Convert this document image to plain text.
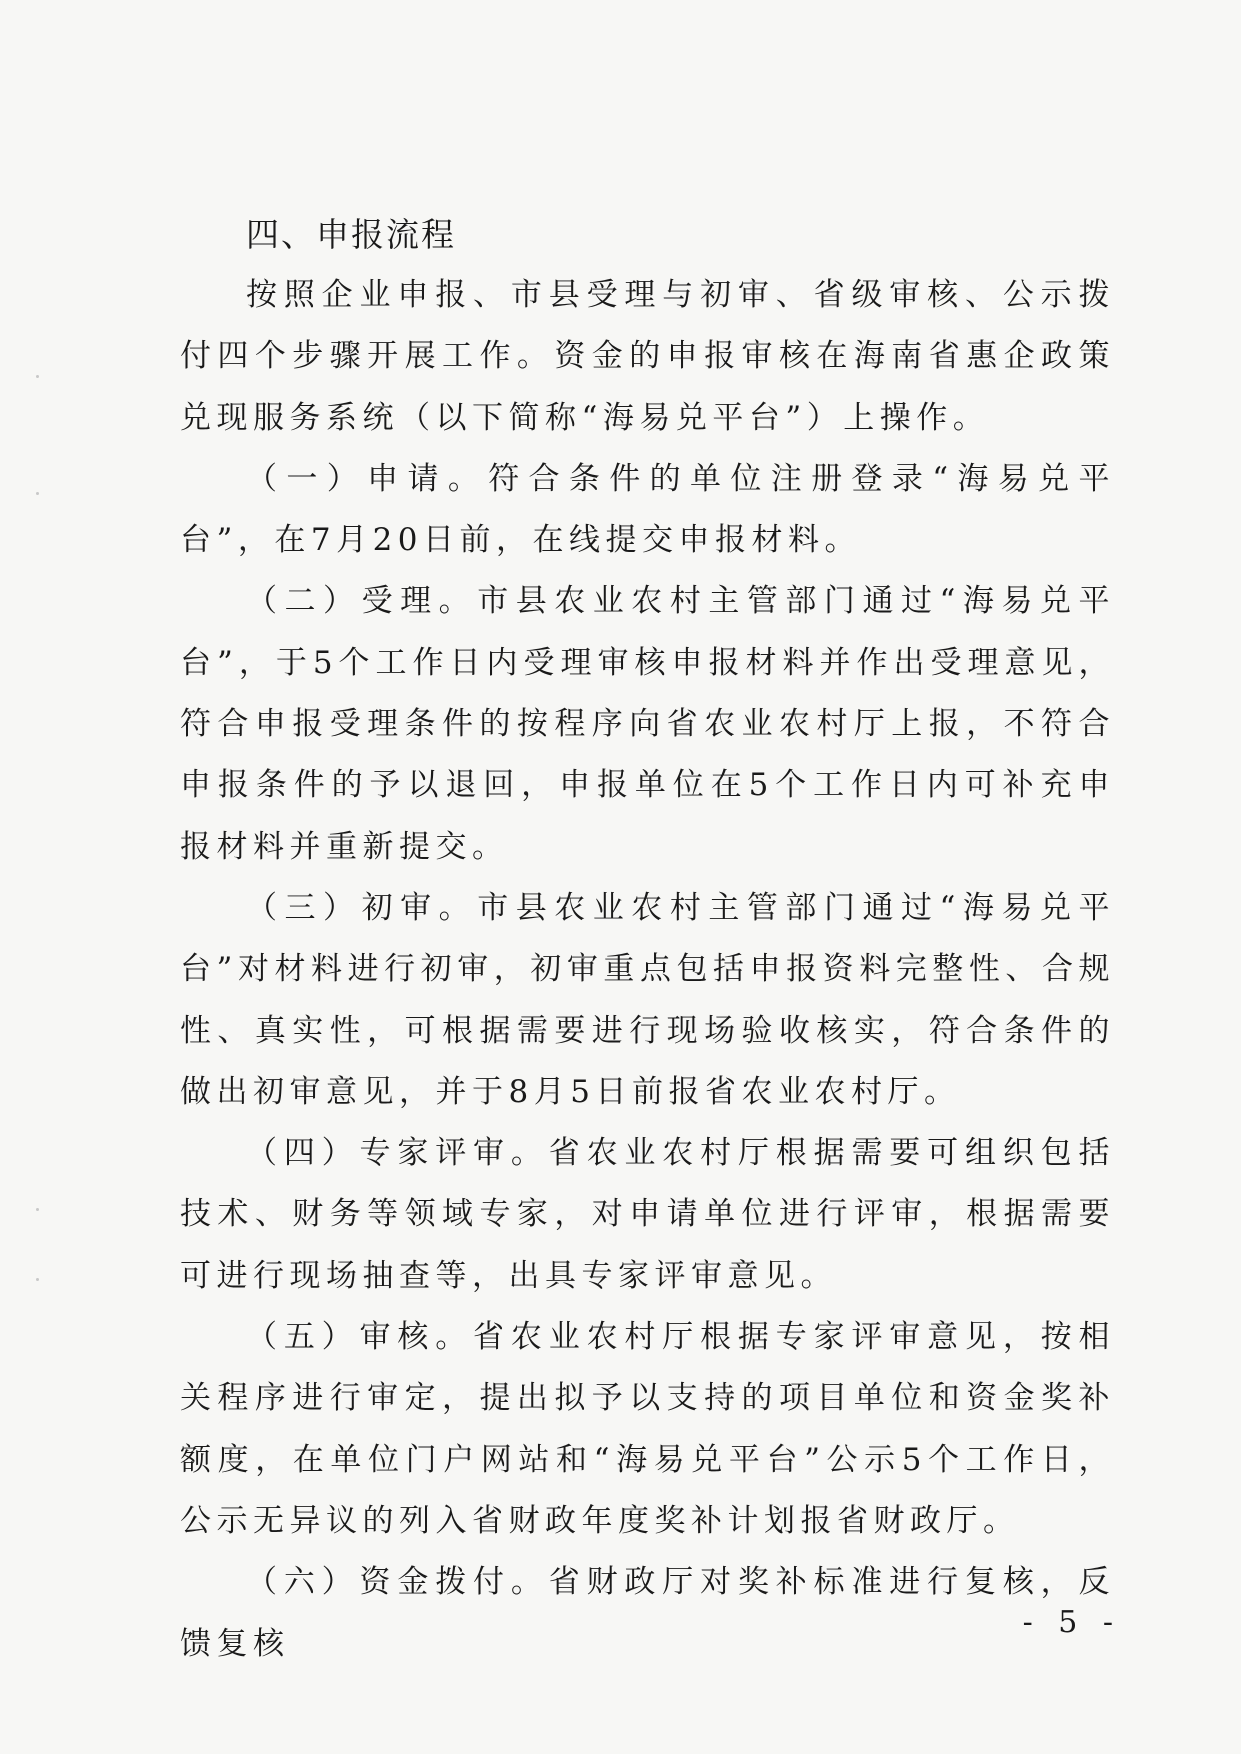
四、申报流程

按照企业申报、市县受理与初审、省级审核、公示拨付四个步骤开展工作。资金的申报审核在海南省惠企政策兑现服务系统（以下简称“海易兑平台”）上操作。

（一）申请。符合条件的单位注册登录“海易兑平台”，在7月20日前，在线提交申报材料。

（二）受理。市县农业农村主管部门通过“海易兑平台”，于5个工作日内受理审核申报材料并作出受理意见，符合申报受理条件的按程序向省农业农村厅上报，不符合申报条件的予以退回，申报单位在5个工作日内可补充申报材料并重新提交。

（三）初审。市县农业农村主管部门通过“海易兑平台”对材料进行初审，初审重点包括申报资料完整性、合规性、真实性，可根据需要进行现场验收核实，符合条件的做出初审意见，并于8月5日前报省农业农村厅。

（四）专家评审。省农业农村厅根据需要可组织包括技术、财务等领域专家，对申请单位进行评审，根据需要可进行现场抽查等，出具专家评审意见。

（五）审核。省农业农村厅根据专家评审意见，按相关程序进行审定，提出拟予以支持的项目单位和资金奖补额度，在单位门户网站和“海易兑平台”公示5个工作日，公示无异议的列入省财政年度奖补计划报省财政厅。

（六）资金拨付。省财政厅对奖补标准进行复核，反馈复核

- 5 -
